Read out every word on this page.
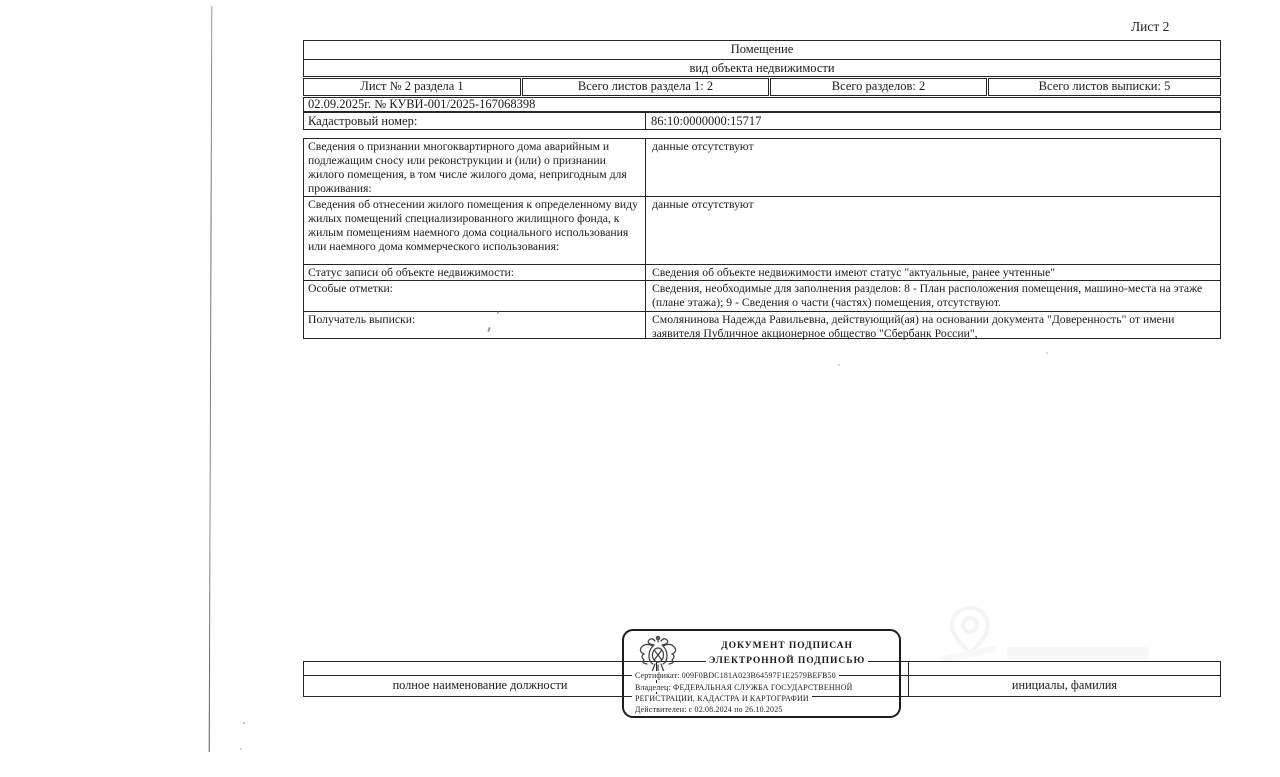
Лист 2
Помещение
вид объекта недвижимости
Лист № 2 раздела 1	Всего листов раздела 1: 2	Всего разделов: 2	Всего листов выписки: 5
02.09.2025г. № КУВИ-001/2025-167068398
Кадастровый номер:	86:10:0000000:15717
Сведения о признании многоквартирного дома аварийным и подлежащим сносу или реконструкции и (или) о признании жилого помещения, в том числе жилого дома, непригодным для проживания:
данные отсутствуют
Сведения об отнесении жилого помещения к определенному виду жилых помещений специализированного жилищного фонда, к жилым помещениям наемного дома социального использования или наемного дома коммерческого использования:
данные отсутствуют
Статус записи об объекте недвижимости:	Сведения об объекте недвижимости имеют статус "актуальные, ранее учтенные"
Особые отметки:	Сведения, необходимые для заполнения разделов: 8 - План расположения помещения, машино-места на этаже (плане этажа); 9 - Сведения о части (частях) помещения, отсутствуют.
Получатель выписки:	Смолянинова Надежда Равильевна, действующий(ая) на основании документа "Доверенность" от имени заявителя Публичное акционерное общество "Сбербанк России",
полное наименование должности	инициалы, фамилия
ДОКУМЕНТ ПОДПИСАН
ЭЛЕКТРОННОЙ ПОДПИСЬЮ
Сертификат: 009F0BDC181A023B64597F1E2579BEFB50
Владелец: ФЕДЕРАЛЬНАЯ СЛУЖБА ГОСУДАРСТВЕННОЙ
РЕГИСТРАЦИИ, КАДАСТРА И КАРТОГРАФИИ
Действителен: с 02.08.2024 по 26.10.2025
